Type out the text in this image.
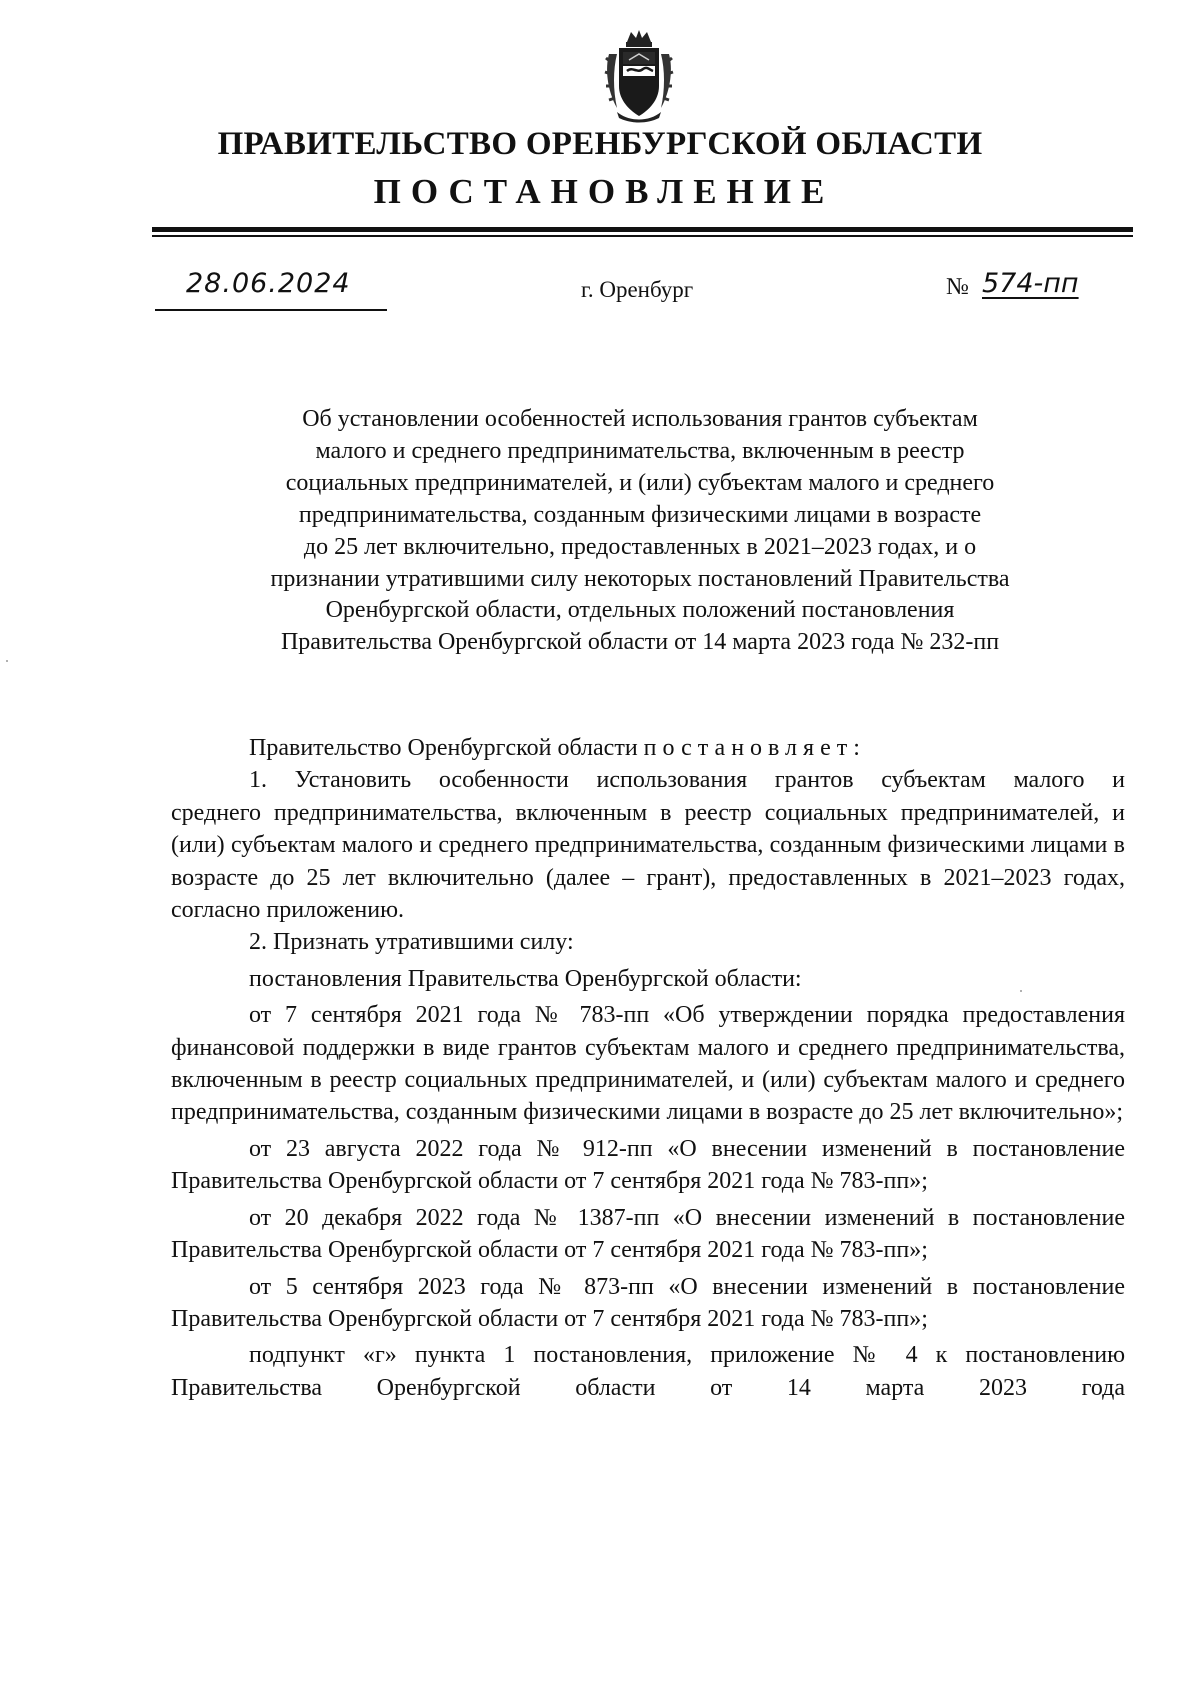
ПРАВИТЕЛЬСТВО ОРЕНБУРГСКОЙ ОБЛАСТИ
ПОСТАНОВЛЕНИЕ
28.06.2024	г. Оренбург	№ 574-пп
Об установлении особенностей использования грантов субъектам
малого и среднего предпринимательства, включенным в реестр
социальных предпринимателей, и (или) субъектам малого и среднего
предпринимательства, созданным физическими лицами в возрасте
до 25 лет включительно, предоставленных в 2021–2023 годах, и о
признании утратившими силу некоторых постановлений Правительства
Оренбургской области, отдельных положений постановления
Правительства Оренбургской области от 14 марта 2023 года № 232-пп

Правительство Оренбургской области постановляет:

1. Установить особенности использования грантов субъектам малого и

среднего предпринимательства, включенным в реестр социальных предпринимателей, и (или) субъектам малого и среднего предпринимательства, созданным физическими лицами в возрасте до 25 лет включительно (далее – грант), предоставленных в 2021–2023 годах, согласно приложению.

2. Признать утратившими силу:

постановления Правительства Оренбургской области:

от 7 сентября 2021 года № 783-пп «Об утверждении порядка предоставления финансовой поддержки в виде грантов субъектам малого и среднего предпринимательства, включенным в реестр социальных предпринимателей, и (или) субъектам малого и среднего предпринимательства, созданным физическими лицами в возрасте до 25 лет включительно»;

от 23 августа 2022 года № 912-пп «О внесении изменений в постановление Правительства Оренбургской области от 7 сентября 2021 года № 783-пп»;

от 20 декабря 2022 года № 1387-пп «О внесении изменений в постановление Правительства Оренбургской области от 7 сентября 2021 года № 783-пп»;

от 5 сентября 2023 года № 873-пп «О внесении изменений в постановление Правительства Оренбургской области от 7 сентября 2021 года № 783-пп»;

подпункт «г» пункта 1 постановления, приложение № 4 к постановлению Правительства Оренбургской области от 14 марта 2023 года
